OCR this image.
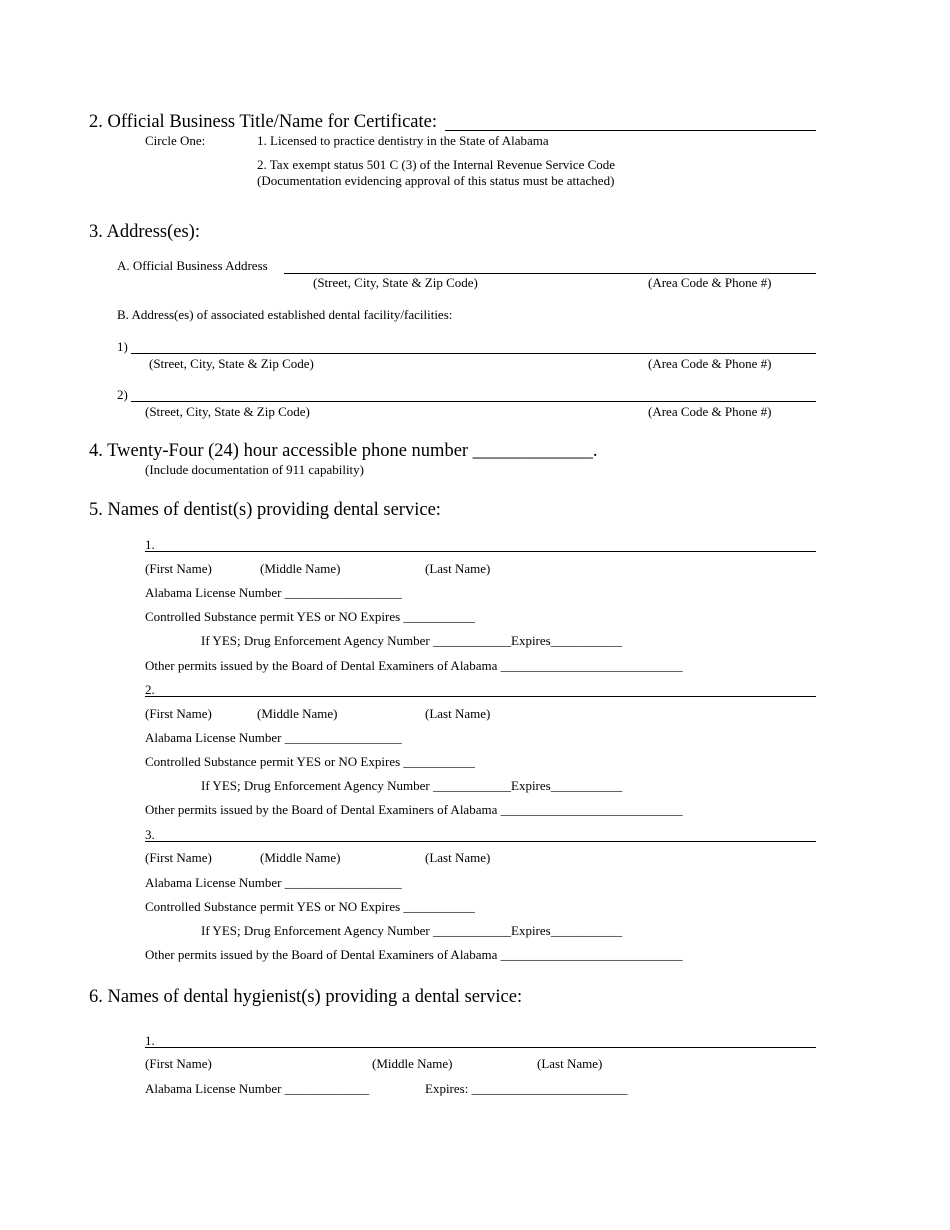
2. Official Business Title/Name for Certificate:
Circle One:	1. Licensed to practice dentistry in the State of Alabama
2. Tax exempt status 501 C (3) of the Internal Revenue Service Code
(Documentation evidencing approval of this status must be attached)
3. Address(es):
A. Official Business Address
(Street, City, State & Zip Code)	(Area Code & Phone #)
B. Address(es) of associated established dental facility/facilities:
1)
(Street, City, State & Zip Code)	(Area Code & Phone #)
2)
(Street, City, State & Zip Code)	(Area Code & Phone #)
4. Twenty-Four (24) hour accessible phone number _____________.
(Include documentation of 911 capability)
5. Names of dentist(s) providing dental service:
1.
(First Name)	(Middle Name)	(Last Name)
Alabama License Number __________________
Controlled Substance permit YES or NO Expires ___________
If YES; Drug Enforcement Agency Number ____________Expires___________
Other permits issued by the Board of Dental Examiners of Alabama ____________________________
2.
(First Name)	(Middle Name)	(Last Name)
Alabama License Number __________________
Controlled Substance permit YES or NO Expires ___________
If YES; Drug Enforcement Agency Number ____________Expires___________
Other permits issued by the Board of Dental Examiners of Alabama ____________________________
3.
(First Name)	(Middle Name)	(Last Name)
Alabama License Number __________________
Controlled Substance permit YES or NO Expires ___________
If YES; Drug Enforcement Agency Number ____________Expires___________
Other permits issued by the Board of Dental Examiners of Alabama ____________________________
6. Names of dental hygienist(s) providing a dental service:
1.
(First Name)	(Middle Name)	(Last Name)
Alabama License Number _____________	Expires: ________________________
